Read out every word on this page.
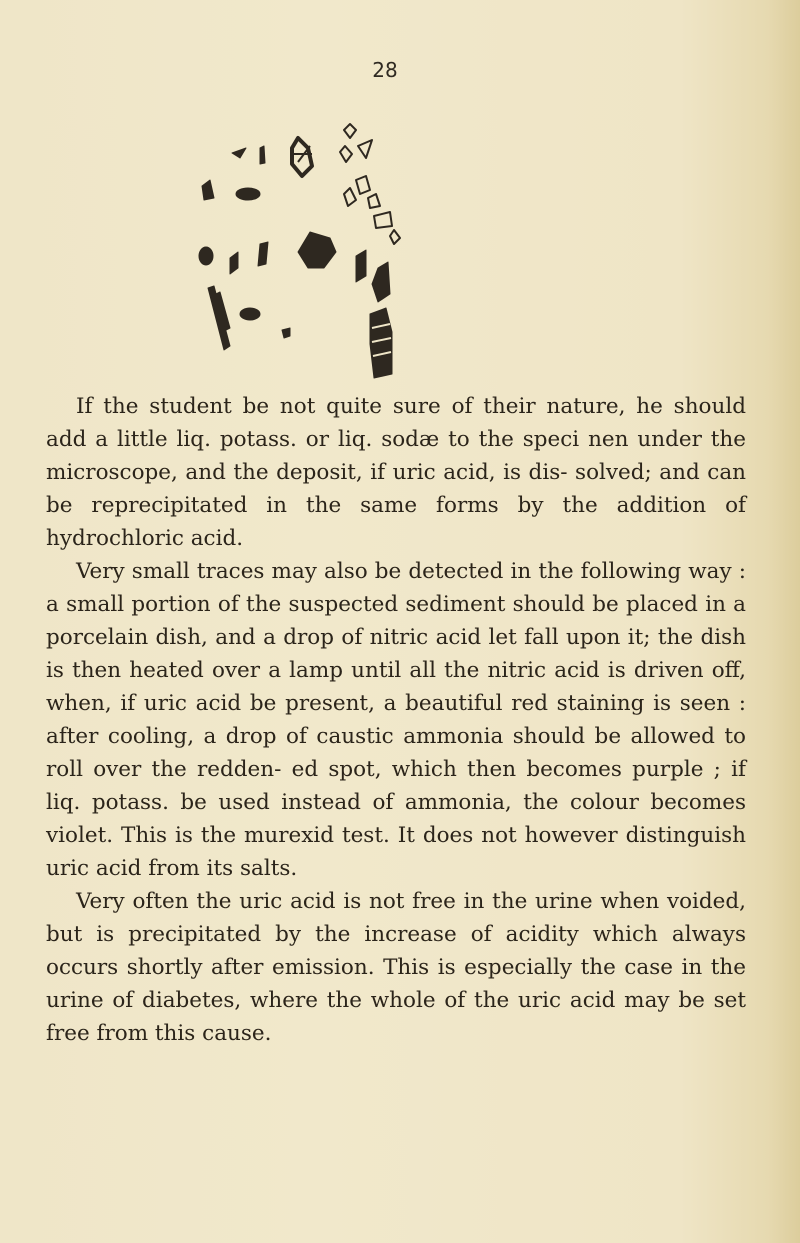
28

If the student be not quite sure of their nature, he should add a little liq. potass. or liq. sodæ to the speci nen under the microscope, and the deposit, if uric acid, is dis- solved; and can be reprecipitated in the same forms by the addition of hydrochloric acid.

Very small traces may also be detected in the following way : a small portion of the suspected sediment should be placed in a porcelain dish, and a drop of nitric acid let fall upon it; the dish is then heated over a lamp until all the nitric acid is driven off, when, if uric acid be present, a beautiful red staining is seen : after cooling, a drop of caustic ammonia should be allowed to roll over the redden- ed spot, which then becomes purple ; if liq. potass. be used instead of ammonia, the colour becomes violet. This is the murexid test. It does not however distinguish uric acid from its salts.

Very often the uric acid is not free in the urine when voided, but is precipitated by the increase of acidity which always occurs shortly after emission. This is especially the case in the urine of diabetes, where the whole of the uric acid may be set free from this cause.
